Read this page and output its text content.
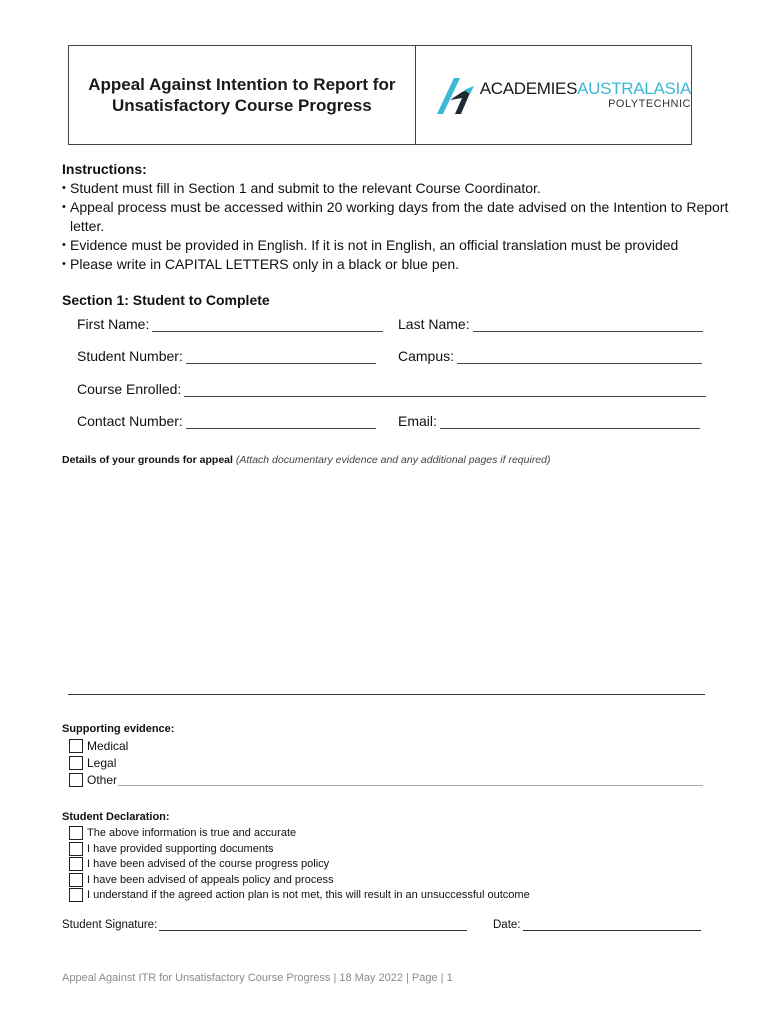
Appeal Against Intention to Report for
Unsatisfactory Course Progress
ACADEMIESAUSTRALASIA
POLYTECHNIC
Instructions:
• Student must fill in Section 1 and submit to the relevant Course Coordinator.
• Appeal process must be accessed within 20 working days from the date advised on the Intention to Report letter.
• Evidence must be provided in English. If it is not in English, an official translation must be provided
• Please write in CAPITAL LETTERS only in a black or blue pen.
Section 1: Student to Complete
First Name:	Last Name:
Student Number:	Campus:
Course Enrolled:
Contact Number:	Email:
Details of your grounds for appeal (Attach documentary evidence and any additional pages if required)
Supporting evidence:
Medical
Legal
Other
Student Declaration:
The above information is true and accurate
I have provided supporting documents
I have been advised of the course progress policy
I have been advised of appeals policy and process
I understand if the agreed action plan is not met, this will result in an unsuccessful outcome
Student Signature:	Date:
Appeal Against ITR for Unsatisfactory Course Progress | 18 May 2022 | Page | 1
